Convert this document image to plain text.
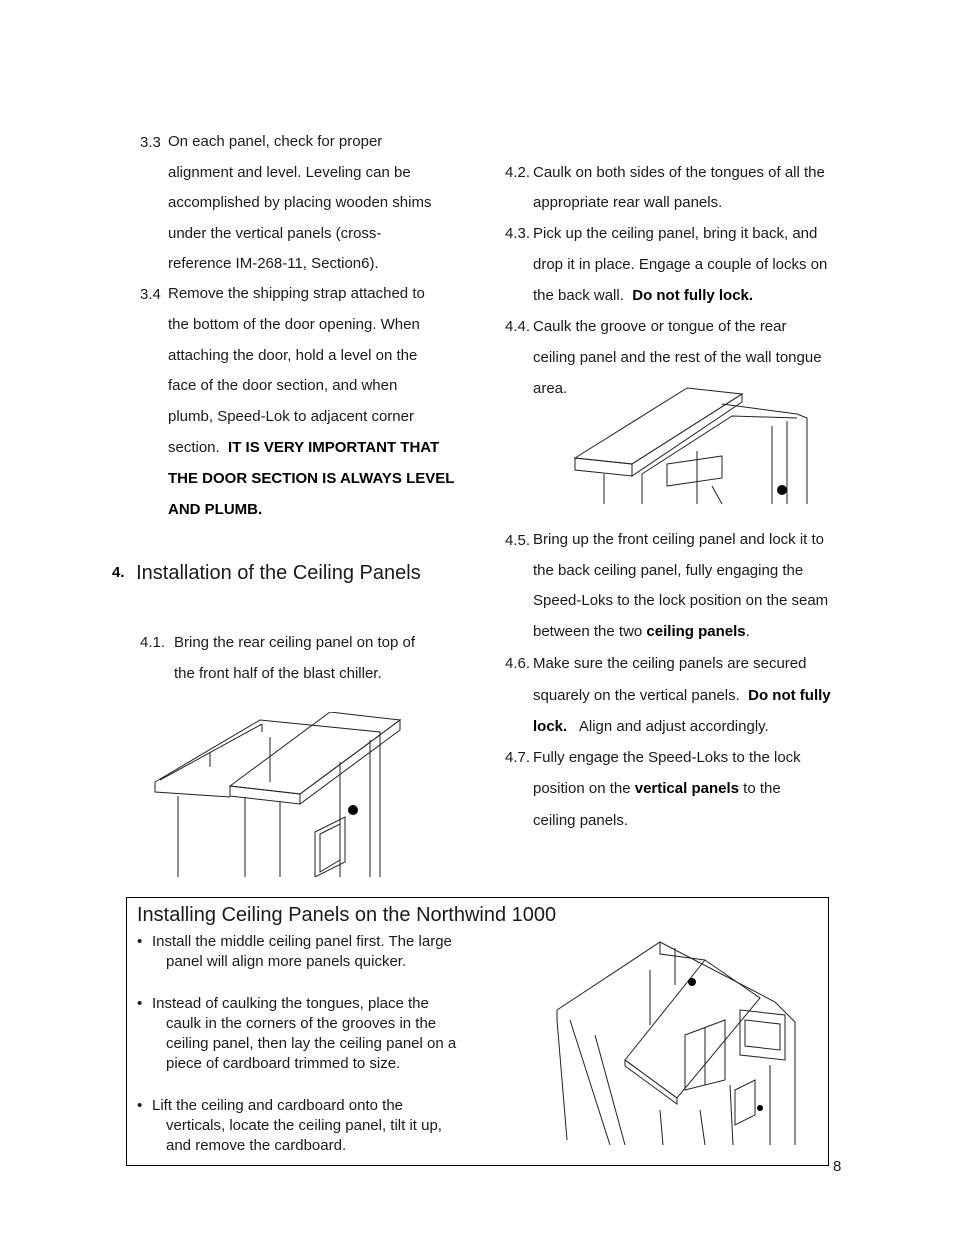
3.3 On each panel, check for proper
alignment and level. Leveling can be
accomplished by placing wooden shims
under the vertical panels (cross-
reference IM-268-11, Section6).
3.4 Remove the shipping strap attached to
the bottom of the door opening. When
attaching the door, hold a level on the
face of the door section, and when
plumb, Speed-Lok to adjacent corner
section. IT IS VERY IMPORTANT THAT
THE DOOR SECTION IS ALWAYS LEVEL
AND PLUMB.
4. Installation of the Ceiling Panels
4.1. Bring the rear ceiling panel on top of
the front half of the blast chiller.
4.2. Caulk on both sides of the tongues of all the
appropriate rear wall panels.
4.3. Pick up the ceiling panel, bring it back, and
drop it in place. Engage a couple of locks on
the back wall. Do not fully lock.
4.4. Caulk the groove or tongue of the rear
ceiling panel and the rest of the wall tongue
area.
4.5. Bring up the front ceiling panel and lock it to
the back ceiling panel, fully engaging the
Speed-Loks to the lock position on the seam
between the two ceiling panels.
4.6. Make sure the ceiling panels are secured
squarely on the vertical panels. Do not fully
lock. Align and adjust accordingly.
4.7. Fully engage the Speed-Loks to the lock
position on the vertical panels to the
ceiling panels.
Installing Ceiling Panels on the Northwind 1000
• Install the middle ceiling panel first. The large
panel will align more panels quicker.
• Instead of caulking the tongues, place the
caulk in the corners of the grooves in the
ceiling panel, then lay the ceiling panel on a
piece of cardboard trimmed to size.
• Lift the ceiling and cardboard onto the
verticals, locate the ceiling panel, tilt it up,
and remove the cardboard.
8
